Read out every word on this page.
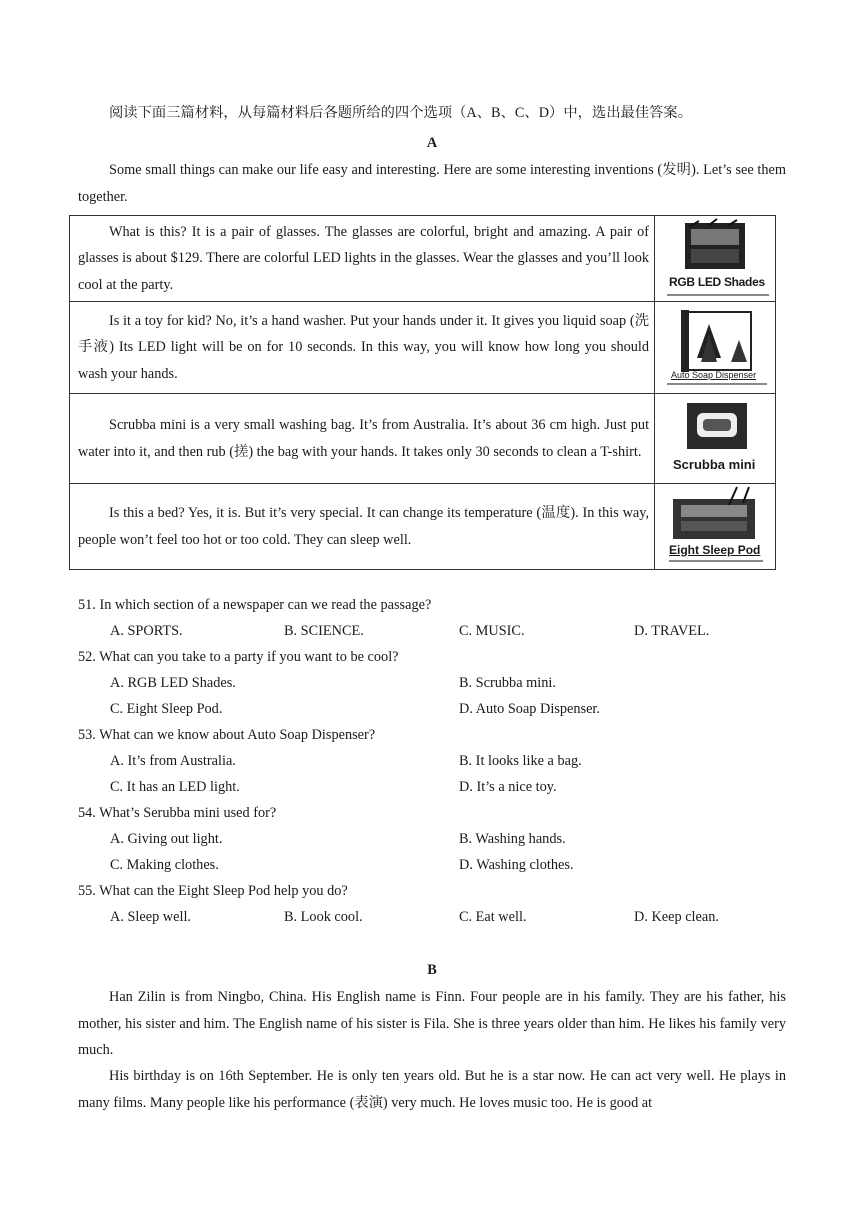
阅读下面三篇材料，从每篇材料后各题所给的四个选项（A、B、C、D）中，选出最佳答案。

A

Some small things can make our life easy and interesting. Here are some interesting inventions (发明). Let’s see them together.

What is this? It is a pair of glasses. The glasses are colorful, bright and amazing. A pair of glasses is about $129. There are colorful LED lights in the glasses. Wear the glasses and you’ll look cool at the party.	RGB LED Shades

Is it a toy for kid? No, it’s a hand washer. Put your hands under it. It gives you liquid soap (洗手液) Its LED light will be on for 10 seconds. In this way, you will know how long you should wash your hands.	Auto Soap Dispenser

Scrubba mini is a very small washing bag. It’s from Australia. It’s about 36 cm high. Just put water into it, and then rub (搓) the bag with your hands. It takes only 30 seconds to clean a T-shirt.	Scrubba mini

Is this a bed? Yes, it is. But it’s very special. It can change its temperature (温度). In this way, people won’t feel too hot or too cold. They can sleep well.	Eight Sleep Pod

51. In which section of a newspaper can we read the passage?

A. SPORTS.	B. SCIENCE.	C. MUSIC.	D. TRAVEL.

52. What can you take to a party if you want to be cool?

A. RGB LED Shades.	B. Scrubba mini.

C. Eight Sleep Pod.	D. Auto Soap Dispenser.

53. What can we know about Auto Soap Dispenser?

A. It’s from Australia.	B. It looks like a bag.

C. It has an LED light.	D. It’s a nice toy.

54. What’s Serubba mini used for?

A. Giving out light.	B. Washing hands.

C. Making clothes.	D. Washing clothes.

55. What can the Eight Sleep Pod help you do?

A. Sleep well.	B. Look cool.	C. Eat well.	D. Keep clean.

B

Han Zilin is from Ningbo, China. His English name is Finn. Four people are in his family. They are his father, his mother, his sister and him. The English name of his sister is Fila. She is three years older than him. He likes his family very much.

His birthday is on 16th September. He is only ten years old. But he is a star now. He can act very well. He plays in many films. Many people like his performance (表演) very much. He loves music too. He is good at
